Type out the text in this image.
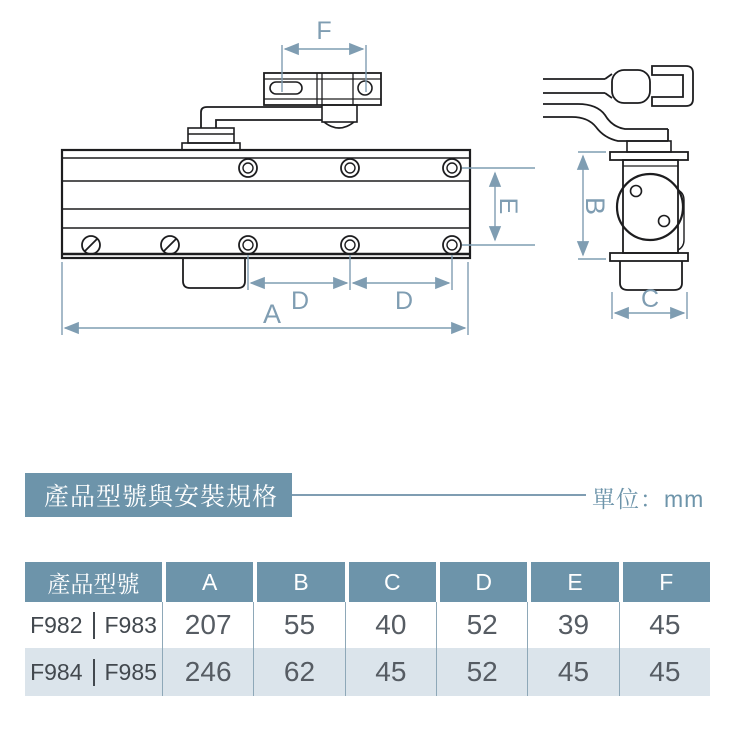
F
E
D	D
A
B
C
產品型號與安裝規格	單位：mm
產品型號	A	B	C	D	E	F
F982 F983 207	55	40	52	39	45
F984 F985 246	62	45	52	45	45
